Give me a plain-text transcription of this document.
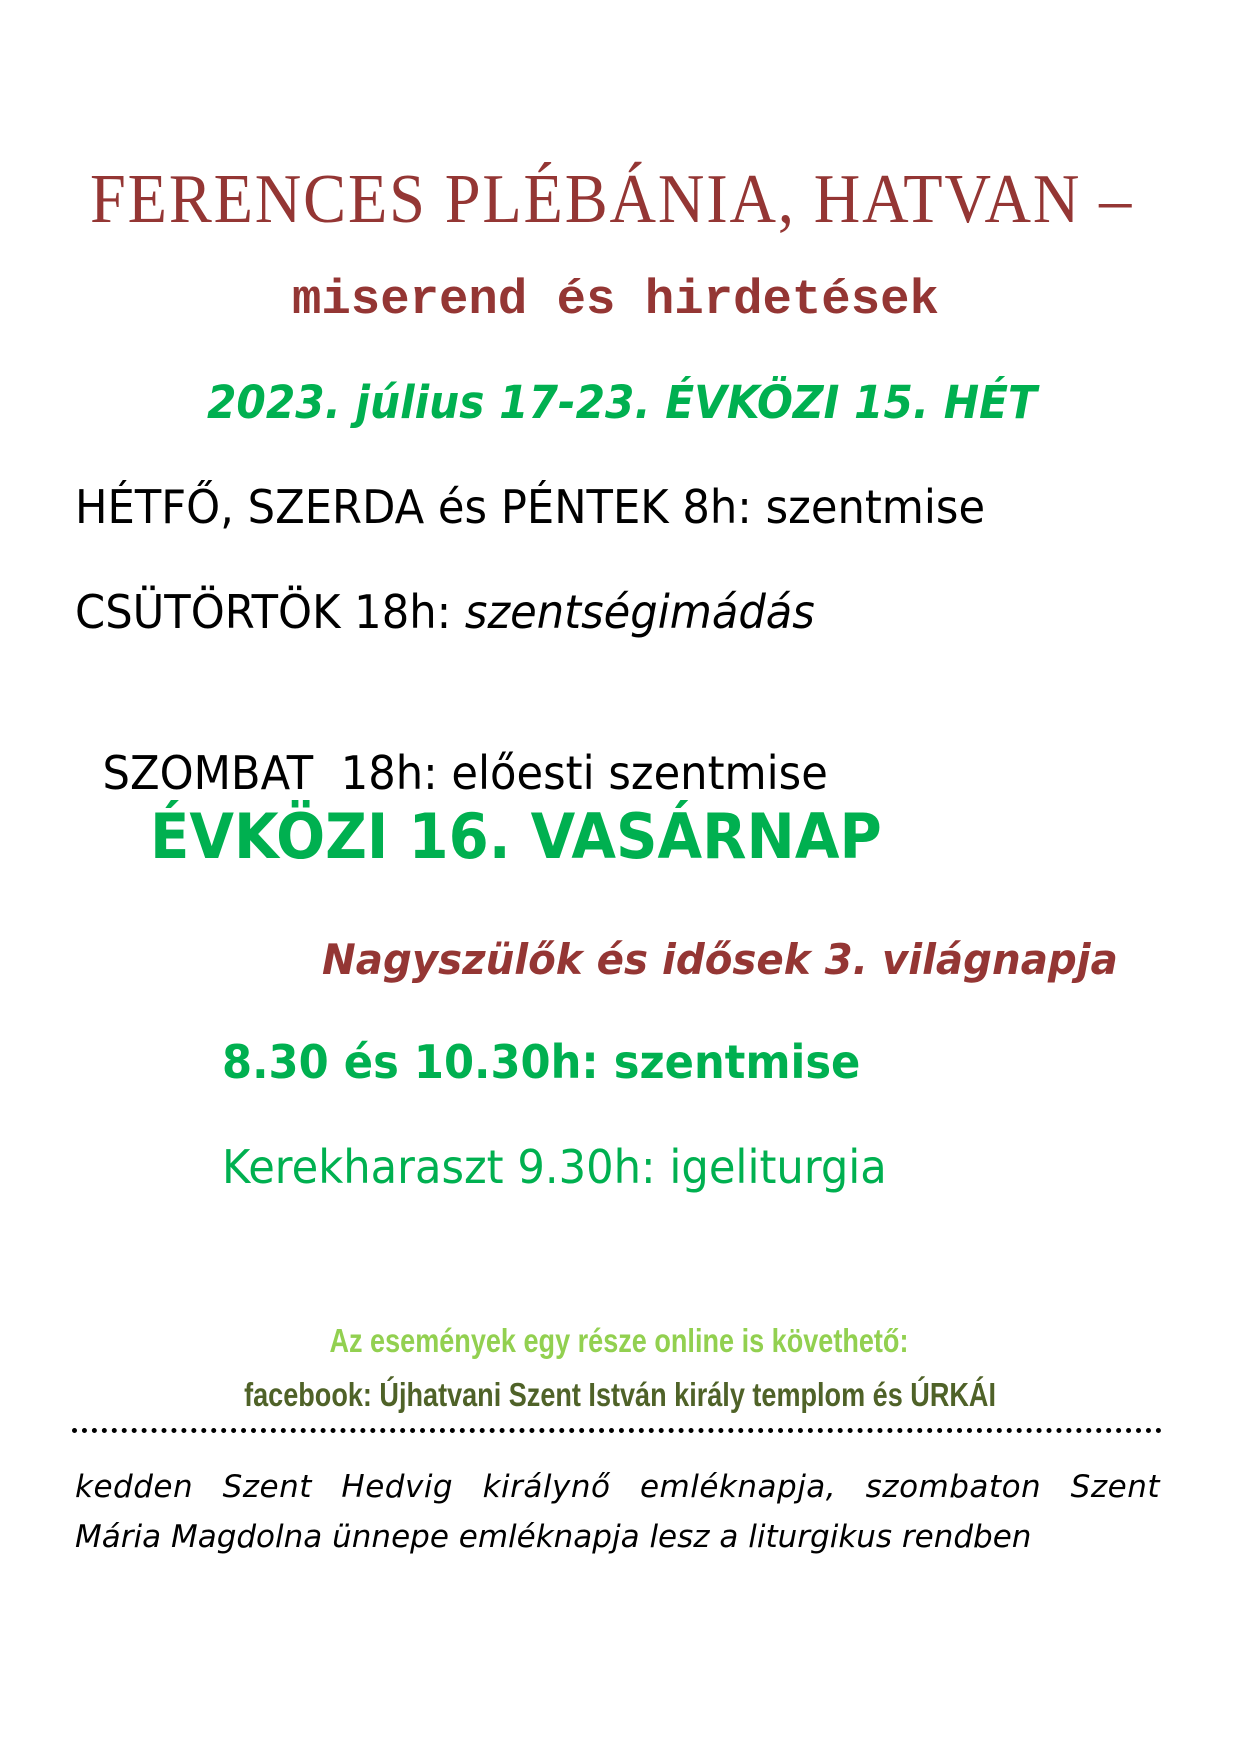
FERENCES PLÉBÁNIA, HATVAN –

miserend és hirdetések

2023. július 17-23. ÉVKÖZI 15. HÉT

HÉTFŐ, SZERDA és PÉNTEK 8h: szentmise

CSÜTÖRTÖK 18h: szentségimádás

SZOMBAT  18h: előesti szentmise

ÉVKÖZI 16. VASÁRNAP

Nagyszülők és idősek 3. világnapja

8.30 és 10.30h: szentmise

Kerekharaszt 9.30h: igeliturgia

Az események egy része online is követhető:

facebook: Újhatvani Szent István király templom és ÚRKÁI

kedden Szent Hedvig királynő emléknapja, szombaton Szent
Mária Magdolna ünnepe emléknapja lesz a liturgikus rendben
